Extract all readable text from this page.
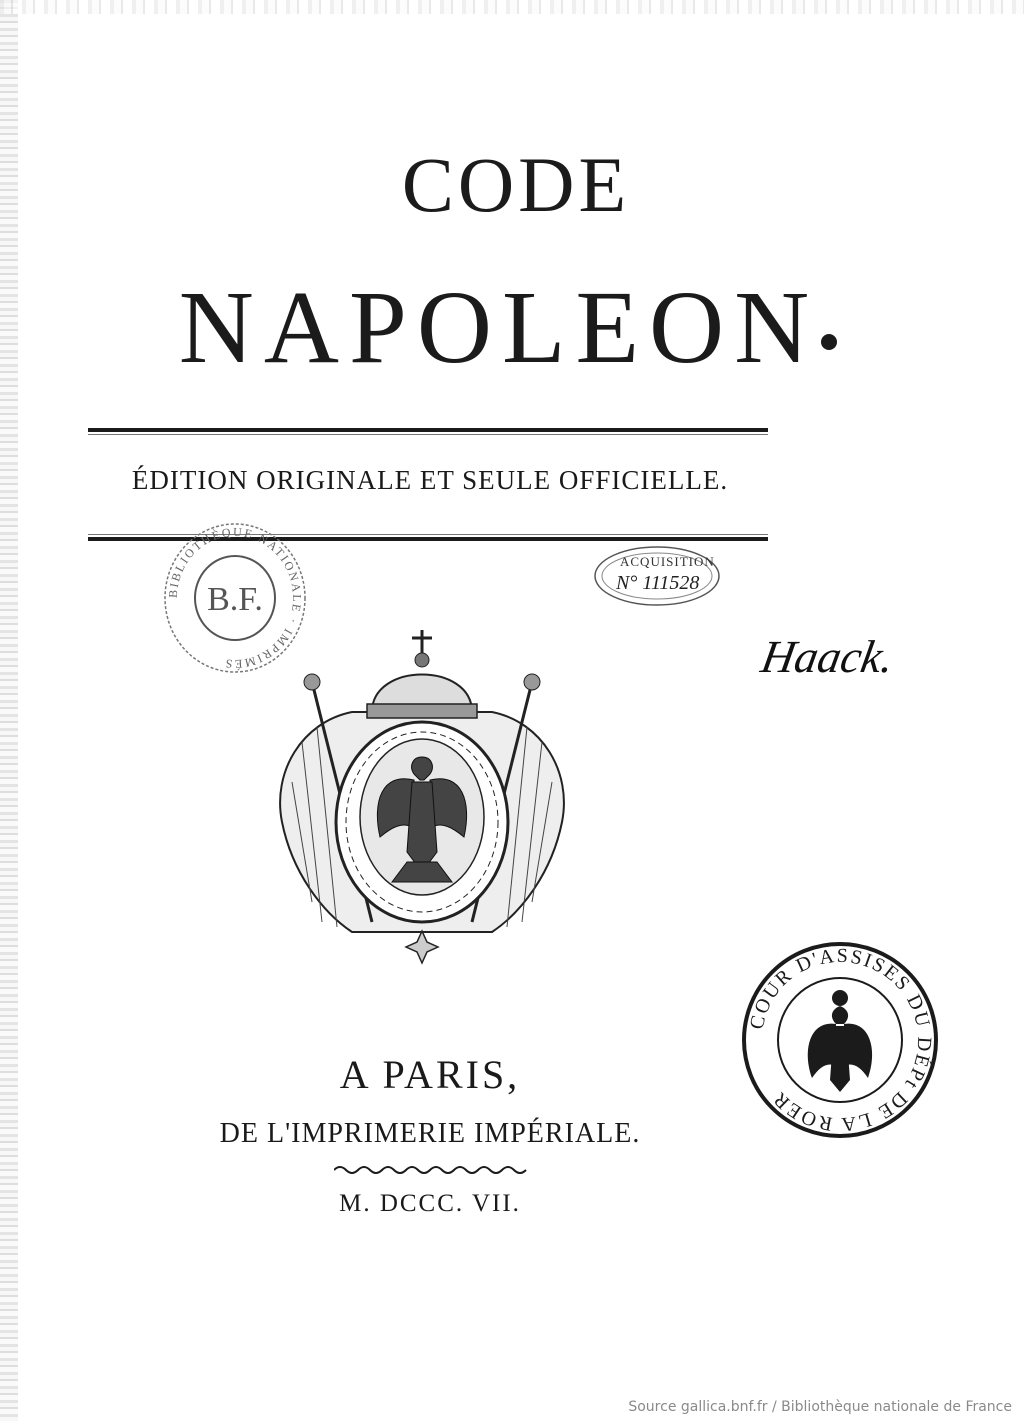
CODE
NAPOLEON
ÉDITION ORIGINALE ET SEULE OFFICIELLE.
BIBLIOTHÈQUE NATIONALE · IMPRIMÉS
B.F.
ACQUISITION
N° 111528
Haack.
COUR D'ASSISES DU DÉPt DE LA ROER
A PARIS,
DE L'IMPRIMERIE IMPÉRIALE.
M. DCCC. VII.
Source gallica.bnf.fr / Bibliothèque nationale de France
